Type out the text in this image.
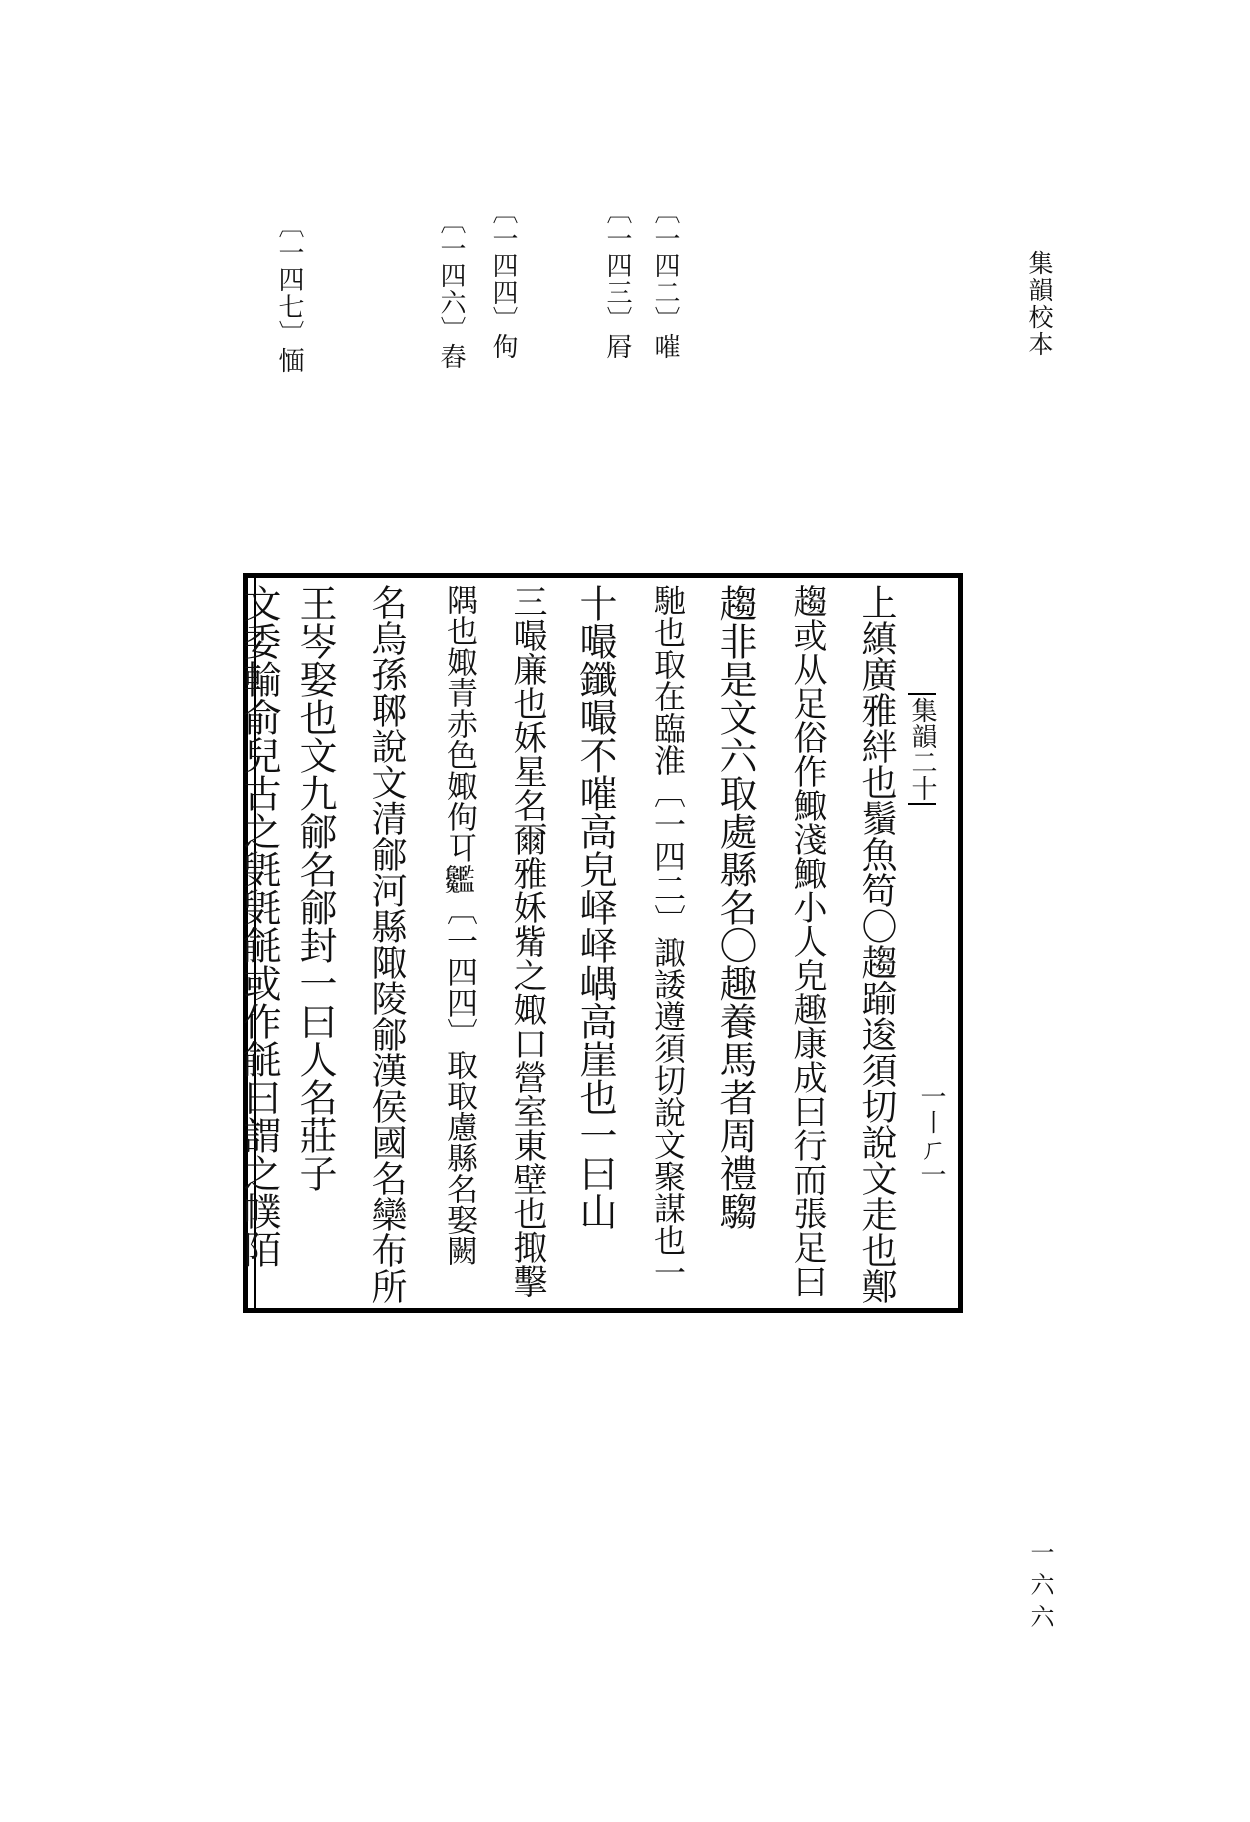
集韻校本
一六六
〔一四二〕嗺
〔一四三〕㞕
〔一四四〕佝
〔一四六〕舂
〔一四七〕愐
集韻二十
一〡ㄏ一
上縝廣雅絆也鬚魚笱〇趨踰逡須切說文走也鄭
趨或从足俗作鯫淺鯫小人皃趣康成曰行而張足曰
趨非是文六取處縣名〇趣養馬者周禮騶
馳也取在臨淮〔一四二〕諏諉遵須切說文聚謀也一
十嘬鑯嘬不嗺高皃峄峄嵎高崖也一曰山
三嘬廉也姀星名爾雅姀觜之娵口營室東壁也掫擊
隅也娵青赤色娵佝㔿𦣸〔一四四〕取取慮縣名娶闕
名烏孫郰說文清鄃河縣陬陵鄃漢侯國名欒布所
王岑娶也文九鄃名鄃封一曰人名莊子
文委輸俞兒古之㲣㲣毹或作毹曰謂之幞陌
